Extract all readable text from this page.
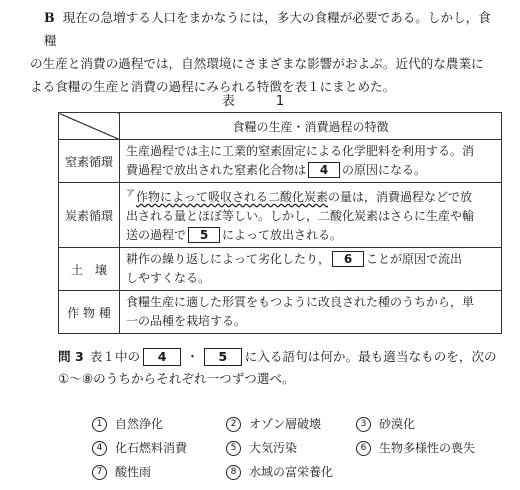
B 現在の急増する人口をまかなうには，多大の食糧が必要である。しかし，食糧
の生産と消費の過程では，自然環境にさまざまな影響がおよぶ。近代的な農業に
よる食糧の生産と消費の過程にみられる特徴を表１にまとめた。
表　1
	食糧の生産・消費過程の特徴
窒素循環	生産過程では主に工業的窒素固定による化学肥料を利用する。消
費過程で放出された窒素化合物は 4 の原因になる。
炭素循環	$^ア$作物によって吸収される二酸化炭素の量は，消費過程などで放
出される量とほぼ等しい。しかし，二酸化炭素はさらに生産や輸
送の過程で 5 によって放出される。
土　壌	耕作の繰り返しによって劣化したり， 6 ことが原因で流出
しやすくなる。
作 物 種	食糧生産に適した形質をもつように改良された種のうちから，単
一の品種を栽培する。
問 3 表１中の 4 ・ 5 に入る語句は何か。最も適当なものを，次の
①〜⑧のうちからそれぞれ一つずつ選べ。
1 自然浄化	2 オゾン層破壊	3 砂漠化
4 化石燃料消費	5 大気汚染	6 生物多様性の喪失
7 酸性雨	8 水域の富栄養化
